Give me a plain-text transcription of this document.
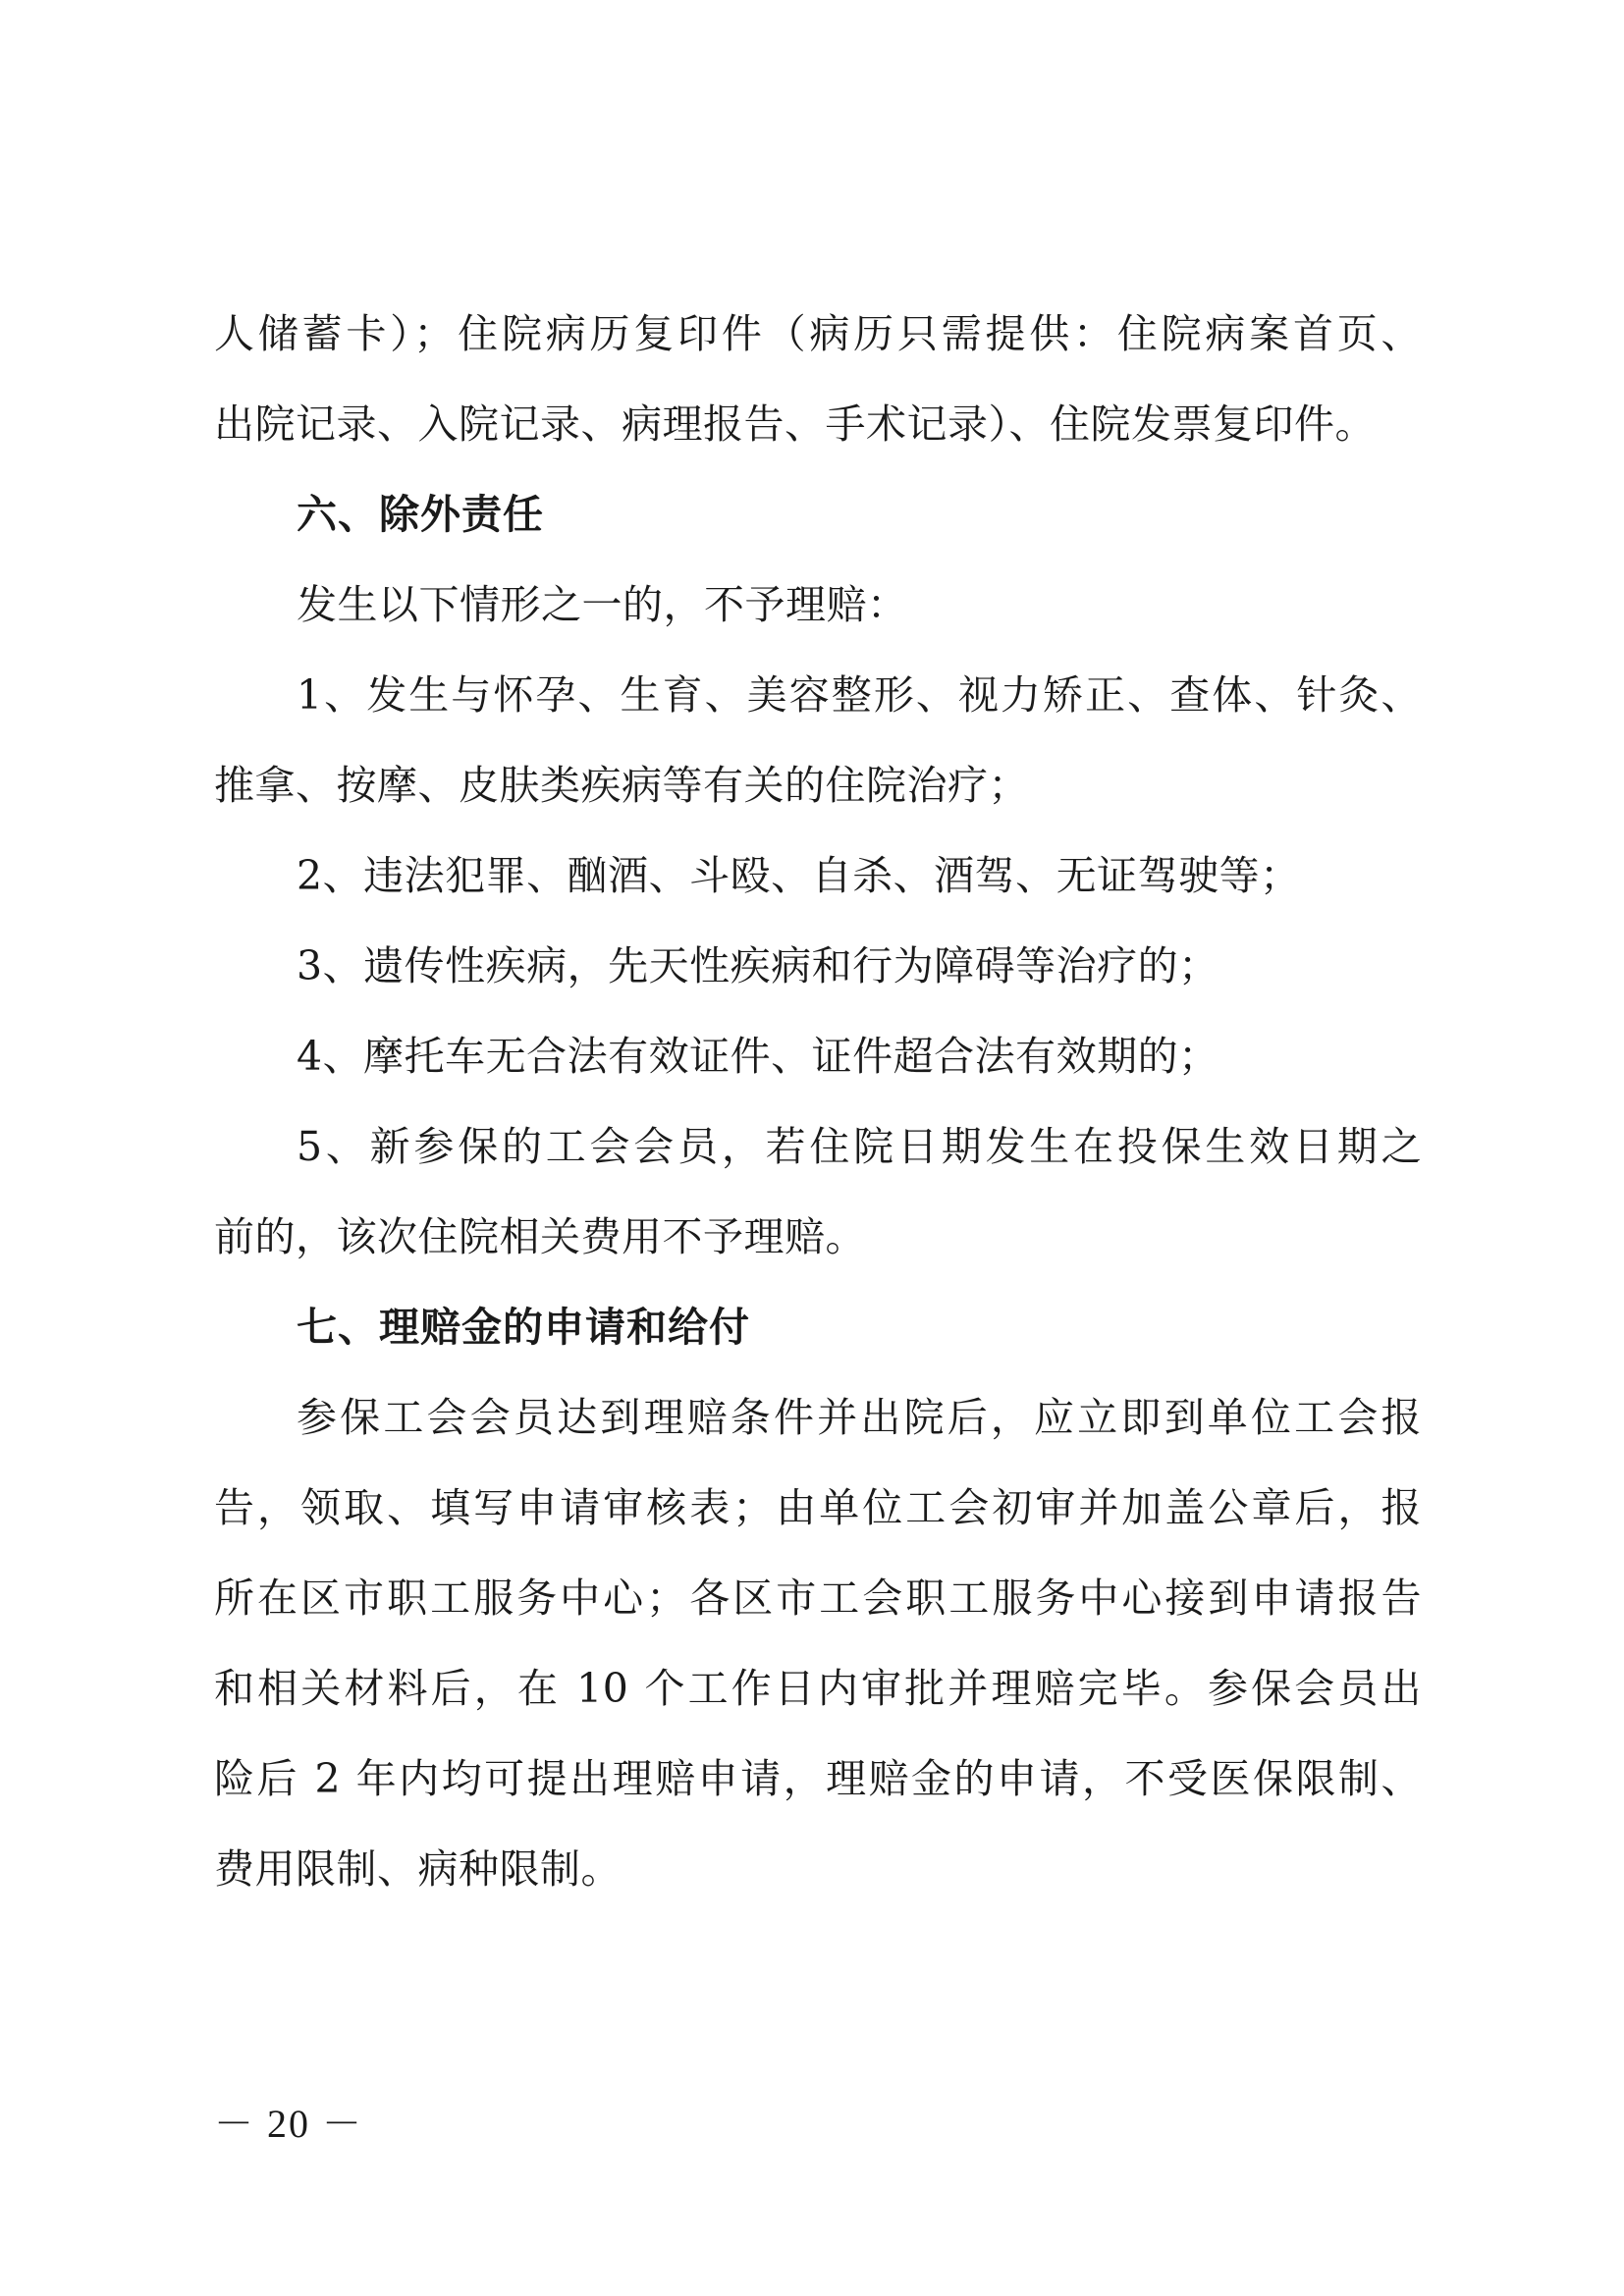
人储蓄卡）；住院病历复印件（病历只需提供：住院病案首页、
出院记录、入院记录、病理报告、手术记录）、住院发票复印件。
六、除外责任
发生以下情形之一的，不予理赔：
1、发生与怀孕、生育、美容整形、视力矫正、查体、针灸、
推拿、按摩、皮肤类疾病等有关的住院治疗；
2、违法犯罪、酗酒、斗殴、自杀、酒驾、无证驾驶等；
3、遗传性疾病，先天性疾病和行为障碍等治疗的；
4、摩托车无合法有效证件、证件超合法有效期的；
5、新参保的工会会员，若住院日期发生在投保生效日期之
前的，该次住院相关费用不予理赔。
七、理赔金的申请和给付
参保工会会员达到理赔条件并出院后，应立即到单位工会报
告，领取、填写申请审核表；由单位工会初审并加盖公章后，报
所在区市职工服务中心；各区市工会职工服务中心接到申请报告
和相关材料后，在 10 个工作日内审批并理赔完毕。参保会员出
险后 2 年内均可提出理赔申请，理赔金的申请，不受医保限制、
费用限制、病种限制。
－ 20 －
